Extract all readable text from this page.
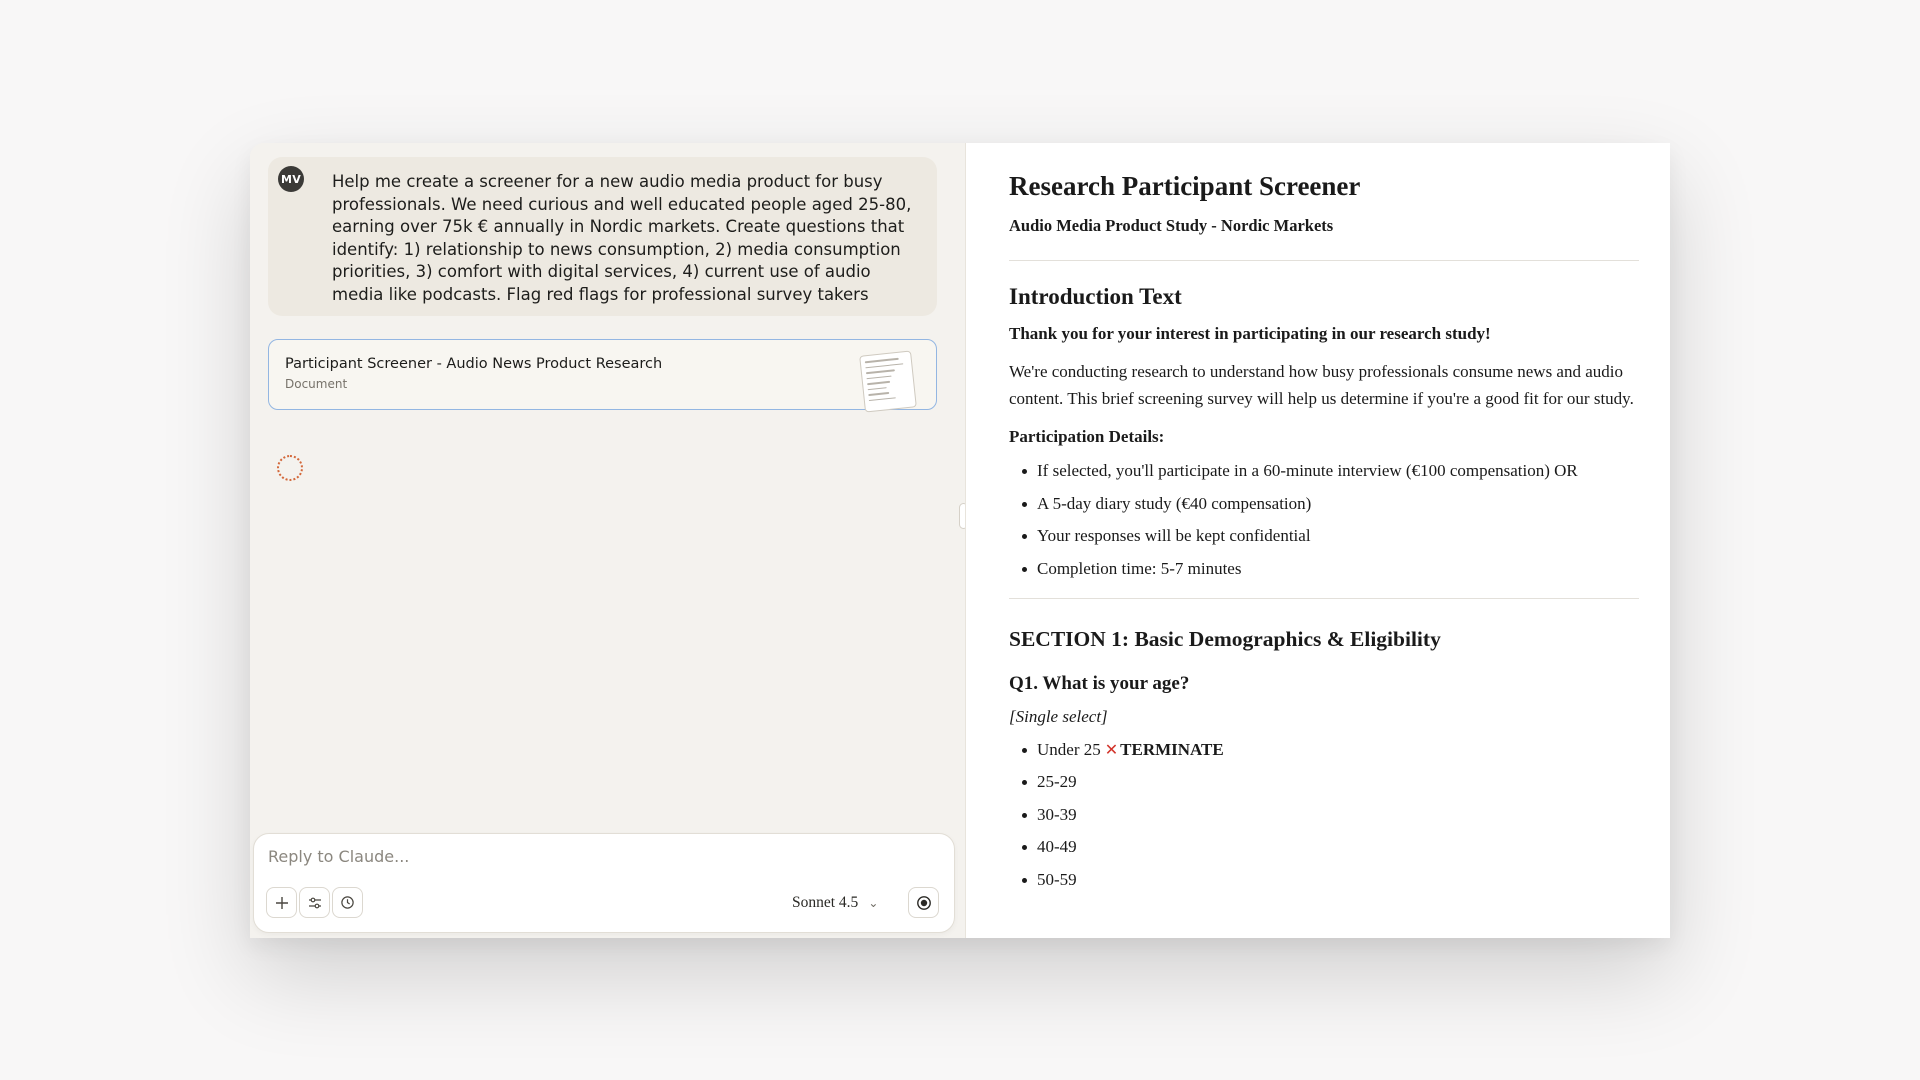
Help me create a screener for a new audio media product for busy professionals. We need curious and well educated people aged 25-80, earning over 75k € annually in Nordic markets. Create questions that identify: 1) relationship to news consumption, 2) media consumption priorities, 3) comfort with digital services, 4) current use of audio media like podcasts. Flag red flags for professional survey takers

MV
Participant Screener - Audio News Product Research
Document
Reply to Claude...
Sonnet 4.5 ⌄
Research Participant Screener
Audio Media Product Study - Nordic Markets
Introduction Text
Thank you for your interest in participating in our research study!

We're conducting research to understand how busy professionals consume news and audio content. This brief screening survey will help us determine if you're a good fit for our study.

Participation Details:
If selected, you'll participate in a 60-minute interview (€100 compensation) OR
A 5-day diary study (€40 compensation)
Your responses will be kept confidential
Completion time: 5-7 minutes
SECTION 1: Basic Demographics & Eligibility
Q1. What is your age?
[Single select]
Under 25 ✕ TERMINATE
25-29
30-39
40-49
50-59
